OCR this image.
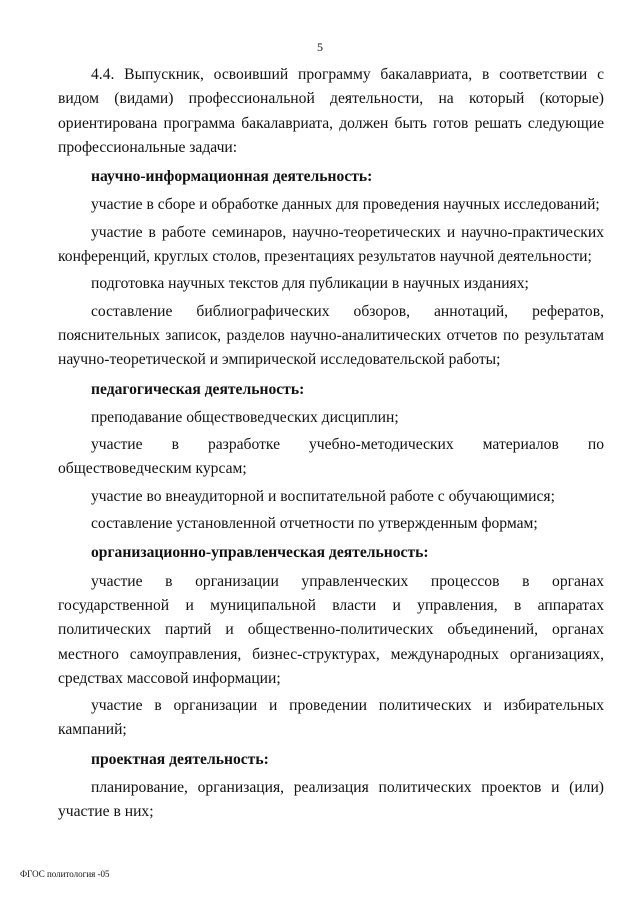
5

4.4. Выпускник, освоивший программу бакалавриата, в соответствии с видом (видами) профессиональной деятельности, на который (которые) ориентирована программа бакалавриата, должен быть готов решать следующие профессиональные задачи:

научно-информационная деятельность:

участие в сборе и обработке данных для проведения научных исследований;

участие в работе семинаров, научно-теоретических и научно-практических конференций, круглых столов, презентациях результатов научной деятельности;

подготовка научных текстов для публикации в научных изданиях;

составление библиографических обзоров, аннотаций, рефератов, пояснительных записок, разделов научно-аналитических отчетов по результатам научно-теоретической и эмпирической исследовательской работы;

педагогическая деятельность:

преподавание обществоведческих дисциплин;

участие в разработке учебно-методических материалов по обществоведческим курсам;

участие во внеаудиторной и воспитательной работе с обучающимися;

составление установленной отчетности по утвержденным формам;

организационно-управленческая деятельность:

участие в организации управленческих процессов в органах государственной и муниципальной власти и управления, в аппаратах политических партий и общественно-политических объединений, органах местного самоуправления, бизнес-структурах, международных организациях, средствах массовой информации;

участие в организации и проведении политических и избирательных кампаний;

проектная деятельность:

планирование, организация, реализация политических проектов и (или) участие в них;

ФГОС политология -05
